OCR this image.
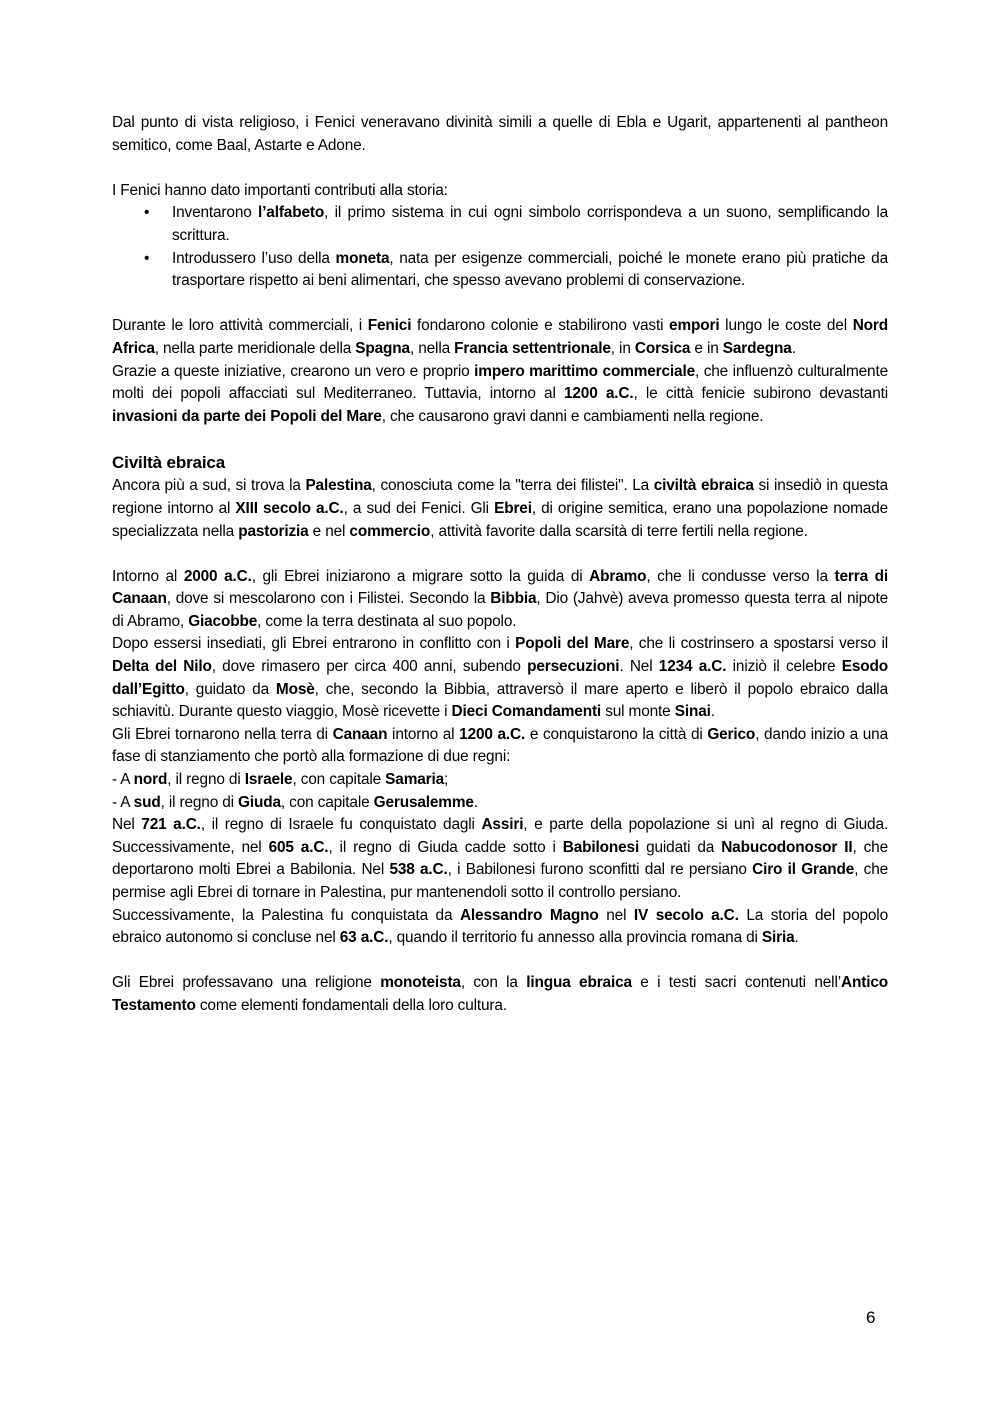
Dal punto di vista religioso, i Fenici veneravano divinità simili a quelle di Ebla e Ugarit, appartenenti al pantheon semitico, come Baal, Astarte e Adone.

I Fenici hanno dato importanti contributi alla storia:

• Inventarono l’alfabeto, il primo sistema in cui ogni simbolo corrispondeva a un suono, semplificando la scrittura.
• Introdussero l’uso della moneta, nata per esigenze commerciali, poiché le monete erano più pratiche da trasportare rispetto ai beni alimentari, che spesso avevano problemi di conservazione.

Durante le loro attività commerciali, i Fenici fondarono colonie e stabilirono vasti empori lungo le coste del Nord Africa, nella parte meridionale della Spagna, nella Francia settentrionale, in Corsica e in Sardegna.

Grazie a queste iniziative, crearono un vero e proprio impero marittimo commerciale, che influenzò culturalmente molti dei popoli affacciati sul Mediterraneo. Tuttavia, intorno al 1200 a.C., le città fenicie subirono devastanti invasioni da parte dei Popoli del Mare, che causarono gravi danni e cambiamenti nella regione.

Civiltà ebraica

Ancora più a sud, si trova la Palestina, conosciuta come la "terra dei filistei". La civiltà ebraica si insediò in questa regione intorno al XIII secolo a.C., a sud dei Fenici. Gli Ebrei, di origine semitica, erano una popolazione nomade specializzata nella pastorizia e nel commercio, attività favorite dalla scarsità di terre fertili nella regione.

Intorno al 2000 a.C., gli Ebrei iniziarono a migrare sotto la guida di Abramo, che li condusse verso la terra di Canaan, dove si mescolarono con i Filistei. Secondo la Bibbia, Dio (Jahvè) aveva promesso questa terra al nipote di Abramo, Giacobbe, come la terra destinata al suo popolo.

Dopo essersi insediati, gli Ebrei entrarono in conflitto con i Popoli del Mare, che li costrinsero a spostarsi verso il Delta del Nilo, dove rimasero per circa 400 anni, subendo persecuzioni. Nel 1234 a.C. iniziò il celebre Esodo dall’Egitto, guidato da Mosè, che, secondo la Bibbia, attraversò il mare aperto e liberò il popolo ebraico dalla schiavitù. Durante questo viaggio, Mosè ricevette i Dieci Comandamenti sul monte Sinai.

Gli Ebrei tornarono nella terra di Canaan intorno al 1200 a.C. e conquistarono la città di Gerico, dando inizio a una fase di stanziamento che portò alla formazione di due regni:

- A nord, il regno di Israele, con capitale Samaria;

- A sud, il regno di Giuda, con capitale Gerusalemme.

Nel 721 a.C., il regno di Israele fu conquistato dagli Assiri, e parte della popolazione si unì al regno di Giuda. Successivamente, nel 605 a.C., il regno di Giuda cadde sotto i Babilonesi guidati da Nabucodonosor II, che deportarono molti Ebrei a Babilonia. Nel 538 a.C., i Babilonesi furono sconfitti dal re persiano Ciro il Grande, che permise agli Ebrei di tornare in Palestina, pur mantenendoli sotto il controllo persiano.

Successivamente, la Palestina fu conquistata da Alessandro Magno nel IV secolo a.C. La storia del popolo ebraico autonomo si concluse nel 63 a.C., quando il territorio fu annesso alla provincia romana di Siria.

Gli Ebrei professavano una religione monoteista, con la lingua ebraica e i testi sacri contenuti nell’Antico Testamento come elementi fondamentali della loro cultura.

6
